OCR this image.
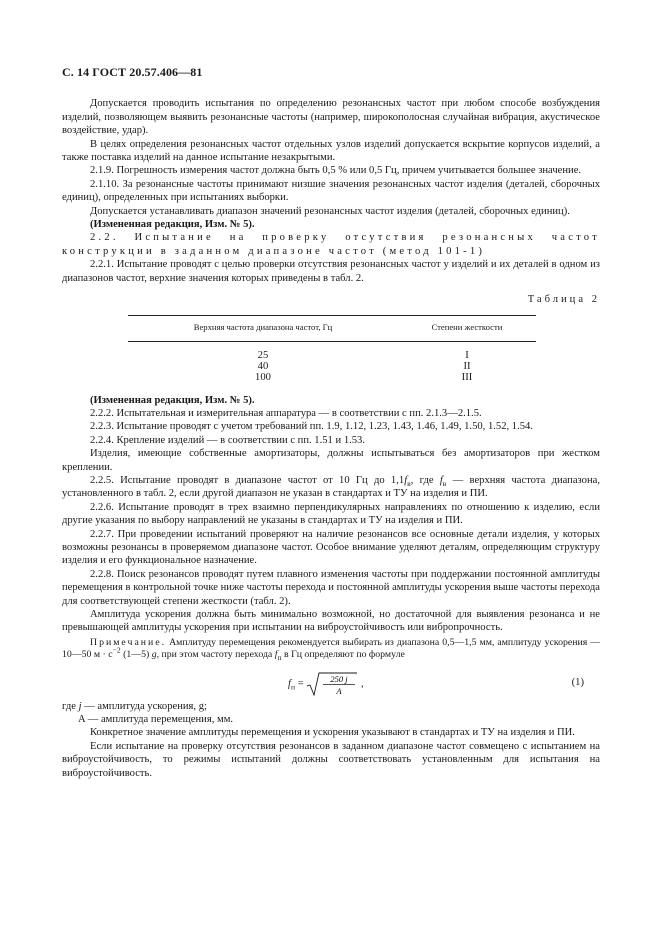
С. 14 ГОСТ 20.57.406—81

Допускается проводить испытания по определению резонансных частот при любом способе возбуждения изделий, позволяющем выявить резонансные частоты (например, широкополосная случайная вибрация, акустическое воздействие, удар).

В целях определения резонансных частот отдельных узлов изделий допускается вскрытие корпусов изделий, а также поставка изделий на данное испытание незакрытыми.

2.1.9. Погрешность измерения частот должна быть 0,5 % или 0,5 Гц, причем учитывается большее значение.

2.1.10. За резонансные частоты принимают низшие значения резонансных частот изделия (деталей, сборочных единиц), определенных при испытаниях выборки.

Допускается устанавливать диапазон значений резонансных частот изделия (деталей, сборочных единиц).

(Измененная редакция, Изм. № 5).

2.2. Испытание на проверку отсутствия резонансных частот конструкции в заданном диапазоне частот (метод 101-1)

2.2.1. Испытание проводят с целью проверки отсутствия резонансных частот у изделий и их деталей в одном из диапазонов частот, верхние значения которых приведены в табл. 2.

Таблица 2
Верхняя частота диапазона частот, Гц	Степени жесткости
25	I
40	II
100	III

(Измененная редакция, Изм. № 5).

2.2.2. Испытательная и измерительная аппаратура — в соответствии с пп. 2.1.3—2.1.5.

2.2.3. Испытание проводят с учетом требований пп. 1.9, 1.12, 1.23, 1.43, 1.46, 1.49, 1.50, 1.52, 1.54.

2.2.4. Крепление изделий — в соответствии с пп. 1.51 и 1.53.

Изделия, имеющие собственные амортизаторы, должны испытываться без амортизаторов при жестком креплении.

2.2.5. Испытание проводят в диапазоне частот от 10 Гц до $1,1f_в$, где $f_в$ — верхняя частота диапазона, установленного в табл. 2, если другой диапазон не указан в стандартах и ТУ на изделия и ПИ.

2.2.6. Испытание проводят в трех взаимно перпендикулярных направлениях по отношению к изделию, если другие указания по выбору направлений не указаны в стандартах и ТУ на изделия и ПИ.

2.2.7. При проведении испытаний проверяют на наличие резонансов все основные детали изделия, у которых возможны резонансы в проверяемом диапазоне частот. Особое внимание уделяют деталям, определяющим структуру изделия и его функциональное назначение.

2.2.8. Поиск резонансов проводят путем плавного изменения частоты при поддержании постоянной амплитуды перемещения в контрольной точке ниже частоты перехода и постоянной амплитуды ускорения выше частоты перехода для соответствующей степени жесткости (табл. 2).

Амплитуда ускорения должна быть минимально возможной, но достаточной для выявления резонанса и не превышающей амплитуды ускорения при испытании на виброустойчивость или вибропрочность.

Примечание. Амплитуду перемещения рекомендуется выбирать из диапазона 0,5—1,5 мм, амплитуду ускорения — 10—50 $м \cdot с^{-2}$ (1—5) g, при этом частоту перехода $f_п$ в Гц определяют по формуле

$f_п$ =	250 j
A
,	(1)

где j — амплитуда ускорения, g;

A — амплитуда перемещения, мм.

Конкретное значение амплитуды перемещения и ускорения указывают в стандартах и ТУ на изделия и ПИ.

Если испытание на проверку отсутствия резонансов в заданном диапазоне частот совмещено с испытанием на виброустойчивость, то режимы испытаний должны соответствовать установленным для испытания на виброустойчивость.
